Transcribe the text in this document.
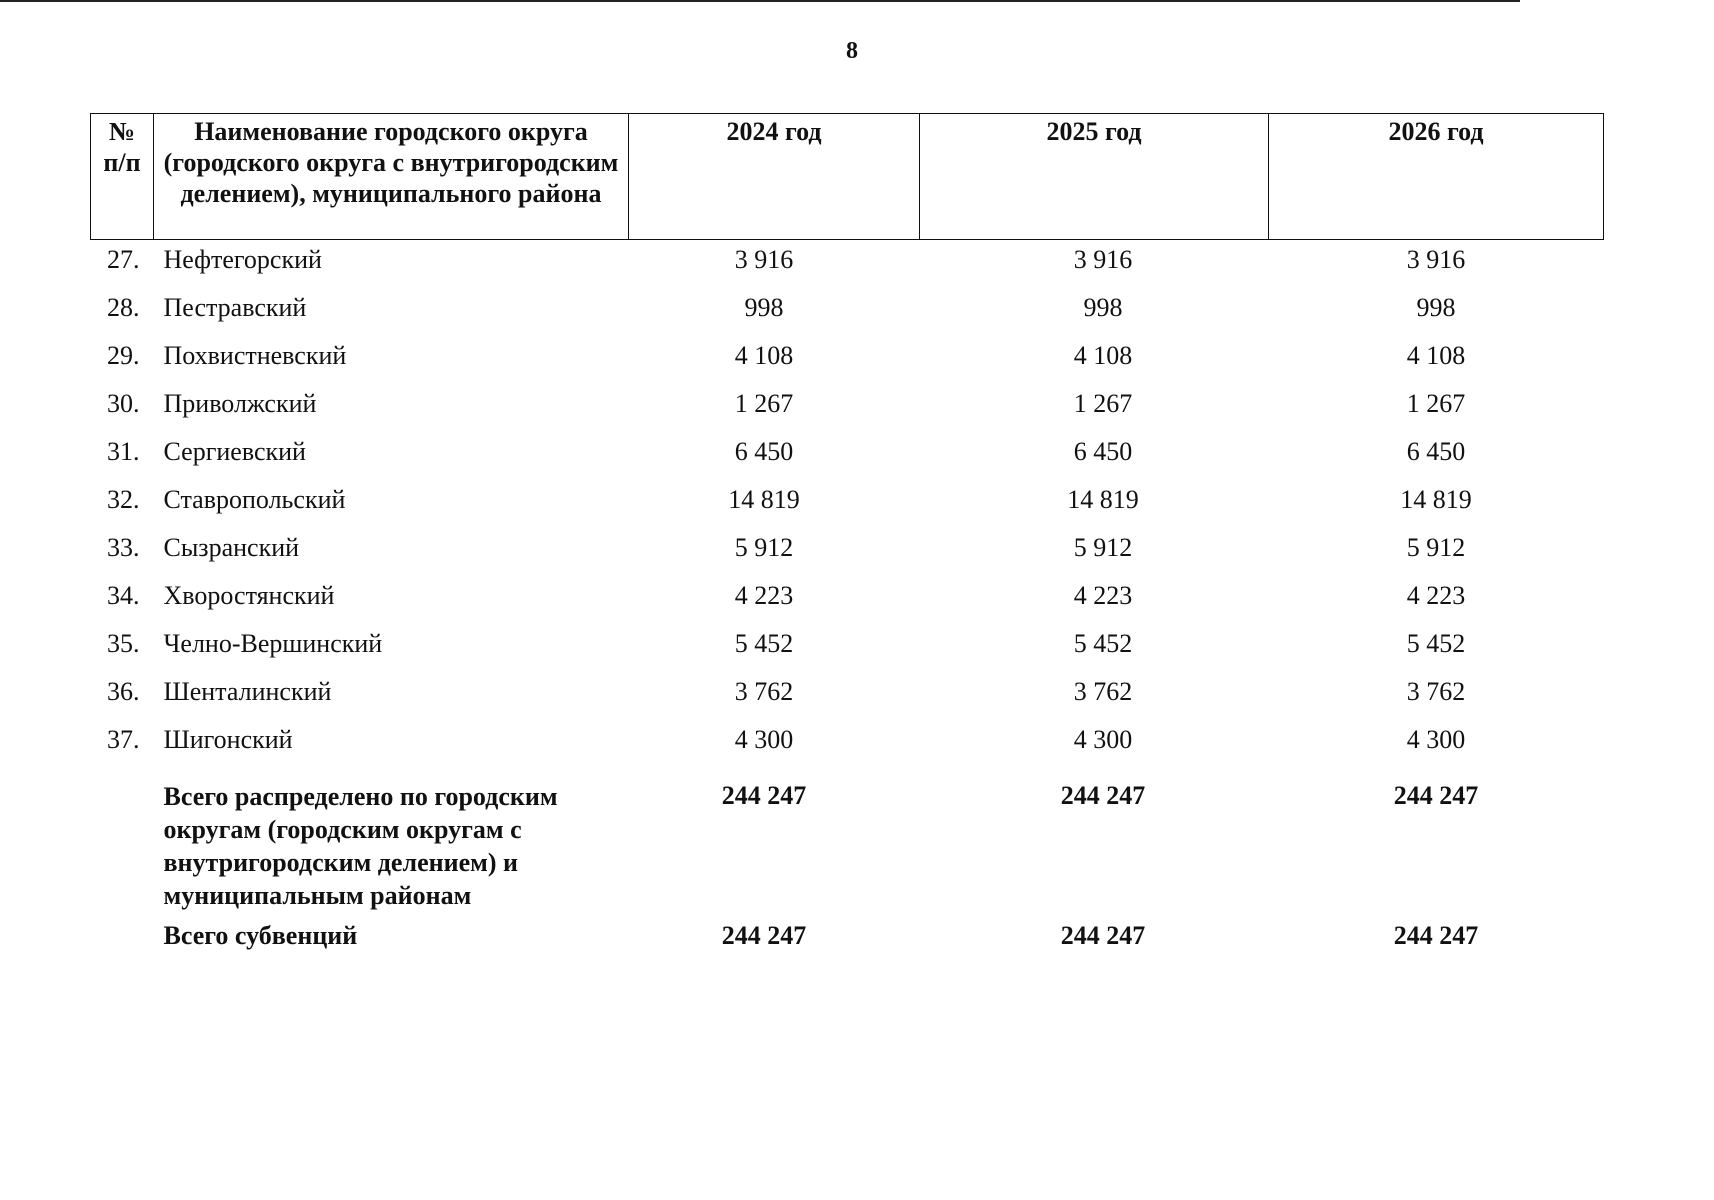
8
№ п/п	Наименование городского округа (городского округа с внутригородским делением), муниципального района	2024 год	2025 год	2026 год
27.	Нефтегорский	3 916	3 916	3 916
28.	Пестравский	998	998	998
29.	Похвистневский	4 108	4 108	4 108
30.	Приволжский	1 267	1 267	1 267
31.	Сергиевский	6 450	6 450	6 450
32.	Ставропольский	14 819	14 819	14 819
33.	Сызранский	5 912	5 912	5 912
34.	Хворостянский	4 223	4 223	4 223
35.	Челно-Вершинский	5 452	5 452	5 452
36.	Шенталинский	3 762	3 762	3 762
37.	Шигонский	4 300	4 300	4 300
	Всего распределено по городским округам (городским округам с внутригородским делением) и муниципальным районам	244 247	244 247	244 247
	Всего субвенций	244 247	244 247	244 247
